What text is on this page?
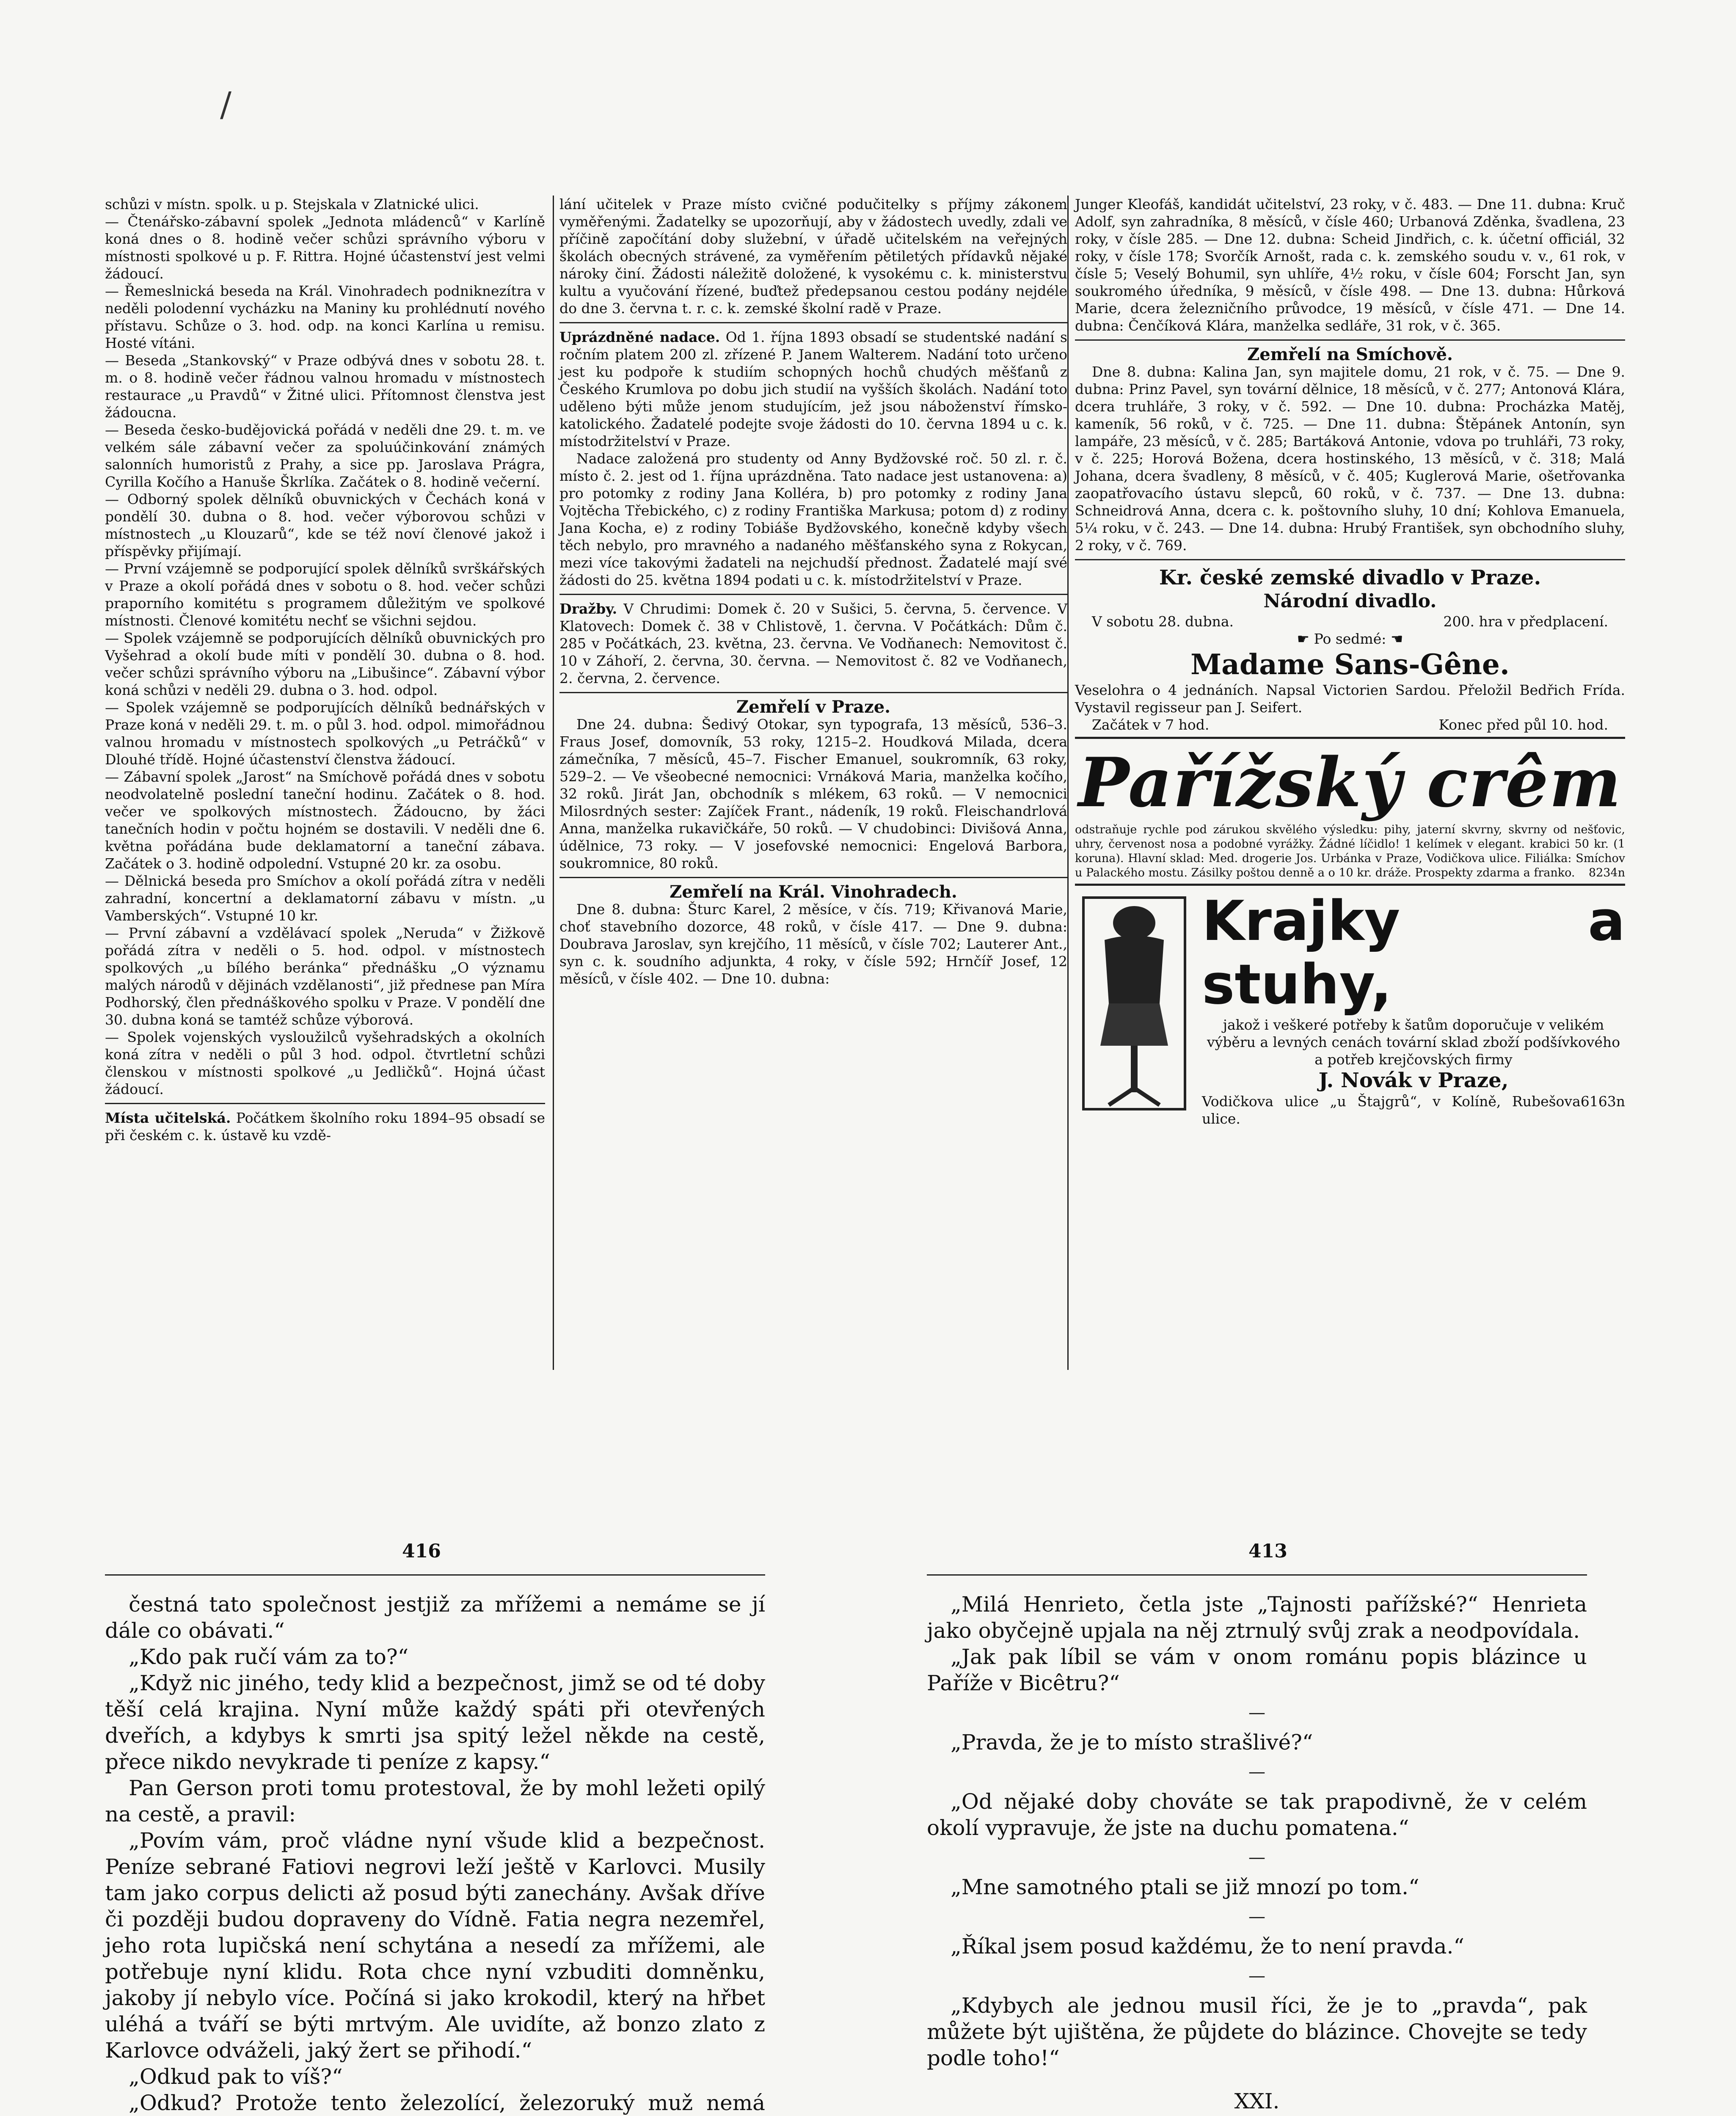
/

schůzi v místn. spolk. u p. Stejskala v Zlatnické ulici.

— Čtenářsko-zábavní spolek „Jednota mládenců“ v Karlíně koná dnes o 8. hodině večer schůzi správního výboru v místnosti spolkové u p. F. Rittra. Hojné účastenství jest velmi žádoucí.

— Řemeslnická beseda na Král. Vinohradech podniknezítra v neděli polodenní vycházku na Maniny ku prohlédnutí nového přístavu. Schůze o 3. hod. odp. na konci Karlína u remisu. Hosté vítáni.

— Beseda „Stankovský“ v Praze odbývá dnes v sobotu 28. t. m. o 8. hodině večer řádnou valnou hromadu v místnostech restaurace „u Pravdů“ v Žitné ulici. Přítomnost členstva jest žádoucna.

— Beseda česko-budějovická pořádá v neděli dne 29. t. m. ve velkém sále zábavní večer za spoluúčinkování známých salonních humoristů z Prahy, a sice pp. Jaroslava Prágra, Cyrilla Kočího a Hanuše Škrlíka. Začátek o 8. hodině večerní.

— Odborný spolek dělníků obuvnických v Čechách koná v pondělí 30. dubna o 8. hod. večer výborovou schůzi v místnostech „u Klouzarů“, kde se též noví členové jakož i příspěvky přijímají.

— První vzájemně se podporující spolek dělníků svrškářských v Praze a okolí pořádá dnes v sobotu o 8. hod. večer schůzi praporního komitétu s programem důležitým ve spolkové místnosti. Členové komitétu nechť se všichni sejdou.

— Spolek vzájemně se podporujících dělníků obuvnických pro Vyšehrad a okolí bude míti v pondělí 30. dubna o 8. hod. večer schůzi správního výboru na „Libušince“. Zábavní výbor koná schůzi v neděli 29. dubna o 3. hod. odpol.

— Spolek vzájemně se podporujících dělníků bednářských v Praze koná v neděli 29. t. m. o půl 3. hod. odpol. mimořádnou valnou hromadu v místnostech spolkových „u Petráčků“ v Dlouhé třídě. Hojné účastenství členstva žádoucí.

— Zábavní spolek „Jarost“ na Smíchově pořádá dnes v sobotu neodvolatelně poslední taneční hodinu. Začátek o 8. hod. večer ve spolkových místnostech. Žádoucno, by žáci tanečních hodin v počtu hojném se dostavili. V neděli dne 6. května pořádána bude deklamatorní a taneční zábava. Začátek o 3. hodině odpolední. Vstupné 20 kr. za osobu.

— Dělnická beseda pro Smíchov a okolí pořádá zítra v neděli zahradní, koncertní a deklamatorní zábavu v místn. „u Vamberských“. Vstupné 10 kr.

— První zábavní a vzdělávací spolek „Neruda“ v Žižkově pořádá zítra v neděli o 5. hod. odpol. v místnostech spolkových „u bílého beránka“ přednášku „O významu malých národů v dějinách vzdělanosti“, již přednese pan Míra Podhorský, člen přednáškového spolku v Praze. V pondělí dne 30. dubna koná se tamtéž schůze výborová.

— Spolek vojenských vysloužilců vyšehradských a okolních koná zítra v neděli o půl 3 hod. odpol. čtvrtletní schůzi členskou v místnosti spolkové „u Jedličků“. Hojná účast žádoucí.

Místa učitelská. Počátkem školního roku 1894–95 obsadí se při českém c. k. ústavě ku vzdě-

lání učitelek v Praze místo cvičné podučitelky s příjmy zákonem vyměřenými. Žadatelky se upozorňují, aby v žádostech uvedly, zdali ve příčině započítání doby služební, v úřadě učitelském na veřejných školách obecných strávené, za vyměřením pětiletých přídavků nějaké nároky činí. Žádosti náležitě doložené, k vysokému c. k. ministerstvu kultu a vyučování řízené, buďtež předepsanou cestou podány nejdéle do dne 3. června t. r. c. k. zemské školní radě v Praze.

Uprázdněné nadace. Od 1. října 1893 obsadí se studentské nadání s ročním platem 200 zl. zřízené P. Janem Walterem. Nadání toto určeno jest ku podpoře k studiím schopných hochů chudých měšťanů z Českého Krumlova po dobu jich studií na vyšších školách. Nadání toto uděleno býti může jenom studujícím, jež jsou náboženství římsko-katolického. Žadatelé podejte svoje žádosti do 10. června 1894 u c. k. místodržitelství v Praze.

Nadace založená pro studenty od Anny Bydžovské roč. 50 zl. r. č. místo č. 2. jest od 1. října uprázdněna. Tato nadace jest ustanovena: a) pro potomky z rodiny Jana Kolléra, b) pro potomky z rodiny Jana Vojtěcha Třebického, c) z rodiny Františka Markusa; potom d) z rodiny Jana Kocha, e) z rodiny Tobiáše Bydžovského, konečně kdyby všech těch nebylo, pro mravného a nadaného měšťanského syna z Rokycan, mezi více takovými žadateli na nejchudší přednost. Žadatelé mají své žádosti do 25. května 1894 podati u c. k. místodržitelství v Praze.

Dražby. V Chrudimi: Domek č. 20 v Sušici, 5. června, 5. července. V Klatovech: Domek č. 38 v Chlistově, 1. června. V Počátkách: Dům č. 285 v Počátkách, 23. května, 23. června. Ve Vodňanech: Nemovitost č. 10 v Záhoří, 2. června, 30. června. — Nemovitost č. 82 ve Vodňanech, 2. června, 2. července.

Zemřelí v Praze.

Dne 24. dubna: Šedivý Otokar, syn typografa, 13 měsíců, 536–3. Fraus Josef, domovník, 53 roky, 1215–2. Houdková Milada, dcera zámečníka, 7 měsíců, 45–7. Fischer Emanuel, soukromník, 63 roky, 529–2. — Ve všeobecné nemocnici: Vrnáková Maria, manželka kočího, 32 roků. Jirát Jan, obchodník s mlékem, 63 roků. — V nemocnici Milosrdných sester: Zajíček Frant., nádeník, 19 roků. Fleischandrlová Anna, manželka rukavičkáře, 50 roků. — V chudobinci: Divišová Anna, údělnice, 73 roky. — V josefovské nemocnici: Engelová Barbora, soukromnice, 80 roků.

Zemřelí na Král. Vinohradech.

Dne 8. dubna: Šturc Karel, 2 měsíce, v čís. 719; Křivanová Marie, choť stavebního dozorce, 48 roků, v čísle 417. — Dne 9. dubna: Doubrava Jaroslav, syn krejčího, 11 měsíců, v čísle 702; Lauterer Ant., syn c. k. soudního adjunkta, 4 roky, v čísle 592; Hrnčíř Josef, 12 měsíců, v čísle 402. — Dne 10. dubna:

Junger Kleofáš, kandidát učitelství, 23 roky, v č. 483. — Dne 11. dubna: Kruč Adolf, syn zahradníka, 8 měsíců, v čísle 460; Urbanová Zděnka, švadlena, 23 roky, v čísle 285. — Dne 12. dubna: Scheid Jindřich, c. k. účetní officiál, 32 roky, v čísle 178; Svorčík Arnošt, rada c. k. zemského soudu v. v., 61 rok, v čísle 5; Veselý Bohumil, syn uhlíře, 4½ roku, v čísle 604; Forscht Jan, syn soukromého úředníka, 9 měsíců, v čísle 498. — Dne 13. dubna: Hůrková Marie, dcera železničního průvodce, 19 měsíců, v čísle 471. — Dne 14. dubna: Čenčíková Klára, manželka sedláře, 31 rok, v č. 365.

Zemřelí na Smíchově.

Dne 8. dubna: Kalina Jan, syn majitele domu, 21 rok, v č. 75. — Dne 9. dubna: Prinz Pavel, syn tovární dělnice, 18 měsíců, v č. 277; Antonová Klára, dcera truhláře, 3 roky, v č. 592. — Dne 10. dubna: Procházka Matěj, kameník, 56 roků, v č. 725. — Dne 11. dubna: Štěpánek Antonín, syn lampáře, 23 měsíců, v č. 285; Bartáková Antonie, vdova po truhláři, 73 roky, v č. 225; Horová Božena, dcera hostinského, 13 měsíců, v č. 318; Malá Johana, dcera švadleny, 8 měsíců, v č. 405; Kuglerová Marie, ošetřovanka zaopatřovacího ústavu slepců, 60 roků, v č. 737. — Dne 13. dubna: Schneidrová Anna, dcera c. k. poštovního sluhy, 10 dní; Kohlova Emanuela, 5¼ roku, v č. 243. — Dne 14. dubna: Hrubý František, syn obchodního sluhy, 2 roky, v č. 769.

Kr. české zemské divadlo v Praze.
Národní divadlo.
V sobotu 28. dubna.	200. hra v předplacení.
☛ Po sedmé: ☚
Madame Sans-Gêne.

Veselohra o 4 jednáních. Napsal Victorien Sardou. Přeložil Bedřich Frída. Vystavil regisseur pan J. Seifert.

Začátek v 7 hod.	Konec před půl 10. hod.
Pařížský crêm

odstraňuje rychle pod zárukou skvělého výsledku: pihy, jaterní skvrny, skvrny od nešťovic, uhry, červenost nosa a podobné vyrážky. Žádné líčidlo! 1 kelímek v elegant. krabici 50 kr. (1 koruna). Hlavní sklad: Med. drogerie Jos. Urbánka v Praze, Vodičkova ulice. Filiálka: Smíchov u Palackého mostu. Zásilky poštou denně a o 10 kr. dráže. Prospekty zdarma a franko. 8234n

Krajky a stuhy,

jakož i veškeré potřeby k šatům doporučuje v velikém výběru a levných cenách tovární sklad zboží podšívkového a potřeb krejčovských firmy

J. Novák v Praze,
Vodičkova ulice „u Štajgrů“, v Kolíně, Rubešova ulice.
6163n
416	413

čestná tato společnost jestjiž za mřížemi a nemáme se jí dále co obávati.“

„Kdo pak ručí vám za to?“

„Když nic jiného, tedy klid a bezpečnost, jimž se od té doby těší celá krajina. Nyní může každý spáti při otevřených dveřích, a kdybys k smrti jsa spitý ležel někde na cestě, přece nikdo nevykrade ti peníze z kapsy.“

Pan Gerson proti tomu protestoval, že by mohl ležeti opilý na cestě, a pravil:

„Povím vám, proč vládne nyní všude klid a bezpečnost. Peníze sebrané Fatiovi negrovi leží ještě v Karlovci. Musily tam jako corpus delicti až posud býti zanechány. Avšak dříve či později budou dopraveny do Vídně. Fatia negra nezemřel, jeho rota lupičská není schytána a nesedí za mřížemi, ale potřebuje nyní klidu. Rota chce nyní vzbuditi domněnku, jakoby jí nebylo více. Počíná si jako krokodil, který na hřbet uléhá a tváří se býti mrtvým. Ale uvidíte, až bonzo zlato z Karlovce odváželi, jaký žert se přihodí.“

„Odkud pak to víš?“

„Odkud? Protože tento železolící, železoruký muž nemá

„Milá Henrieto, četla jste „Tajnosti pařížské?“ Henrieta jako obyčejně upjala na něj ztrnulý svůj zrak a neodpovídala.

„Jak pak líbil se vám v onom románu popis blázince u Paříže v Bicêtru?“

—

„Pravda, že je to místo strašlivé?“

—

„Od nějaké doby chováte se tak prapodivně, že v celém okolí vypravuje, že jste na duchu pomatena.“

—

„Mne samotného ptali se již mnozí po tom.“

—

„Říkal jsem posud každému, že to není pravda.“

—

„Kdybych ale jednou musil říci, že je to „pravda“, pak můžete být ujištěna, že půjdete do blázince. Chovejte se tedy podle toho!“

XXI.
